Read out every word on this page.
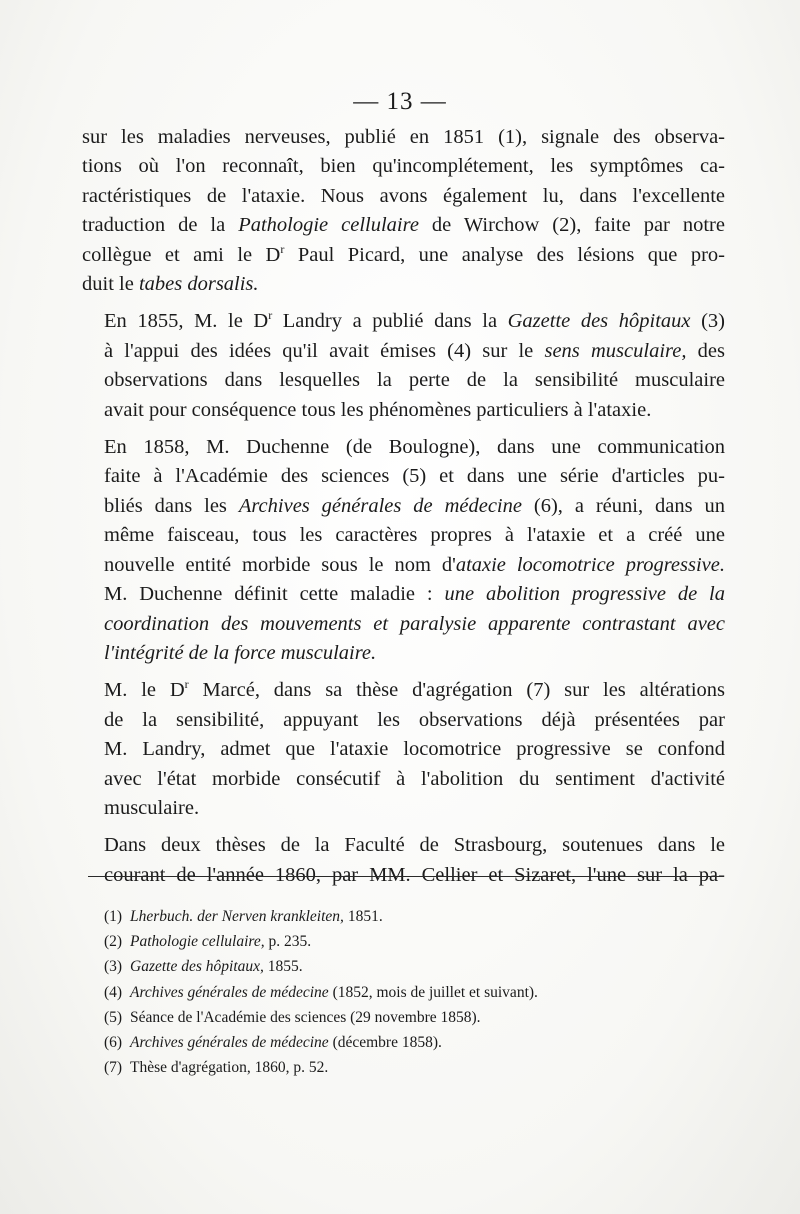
— 13 —

sur les maladies nerveuses, publié en 1851 (1), signale des observa-
tions où l'on reconnaît, bien qu'incomplétement, les symptômes ca-
ractéristiques de l'ataxie. Nous avons également lu, dans l'excellente
traduction de la Pathologie cellulaire de Wirchow (2), faite par notre
collègue et ami le $D^r$ Paul Picard, une analyse des lésions que pro-
duit le tabes dorsalis.

En 1855, M. le $D^r$ Landry a publié dans la Gazette des hôpitaux (3)
à l'appui des idées qu'il avait émises (4) sur le sens musculaire, des
observations dans lesquelles la perte de la sensibilité musculaire
avait pour conséquence tous les phénomènes particuliers à l'ataxie.

En 1858, M. Duchenne (de Boulogne), dans une communication
faite à l'Académie des sciences (5) et dans une série d'articles pu-
bliés dans les Archives générales de médecine (6), a réuni, dans un
même faisceau, tous les caractères propres à l'ataxie et a créé une
nouvelle entité morbide sous le nom d'ataxie locomotrice progressive.
M. Duchenne définit cette maladie : une abolition progressive de la
coordination des mouvements et paralysie apparente contrastant avec
l'intégrité de la force musculaire.

M. le $D^r$ Marcé, dans sa thèse d'agrégation (7) sur les altérations
de la sensibilité, appuyant les observations déjà présentées par
M. Landry, admet que l'ataxie locomotrice progressive se confond
avec l'état morbide consécutif à l'abolition du sentiment d'activité
musculaire.

Dans deux thèses de la Faculté de Strasbourg, soutenues dans le
courant de l'année 1860, par MM. Cellier et Sizaret, l'une sur la pa-

(1) Lherbuch. der Nerven krankleiten, 1851.
(2) Pathologie cellulaire, p. 235.
(3) Gazette des hôpitaux, 1855.
(4) Archives générales de médecine (1852, mois de juillet et suivant).
(5) Séance de l'Académie des sciences (29 novembre 1858).
(6) Archives générales de médecine (décembre 1858).
(7) Thèse d'agrégation, 1860, p. 52.
